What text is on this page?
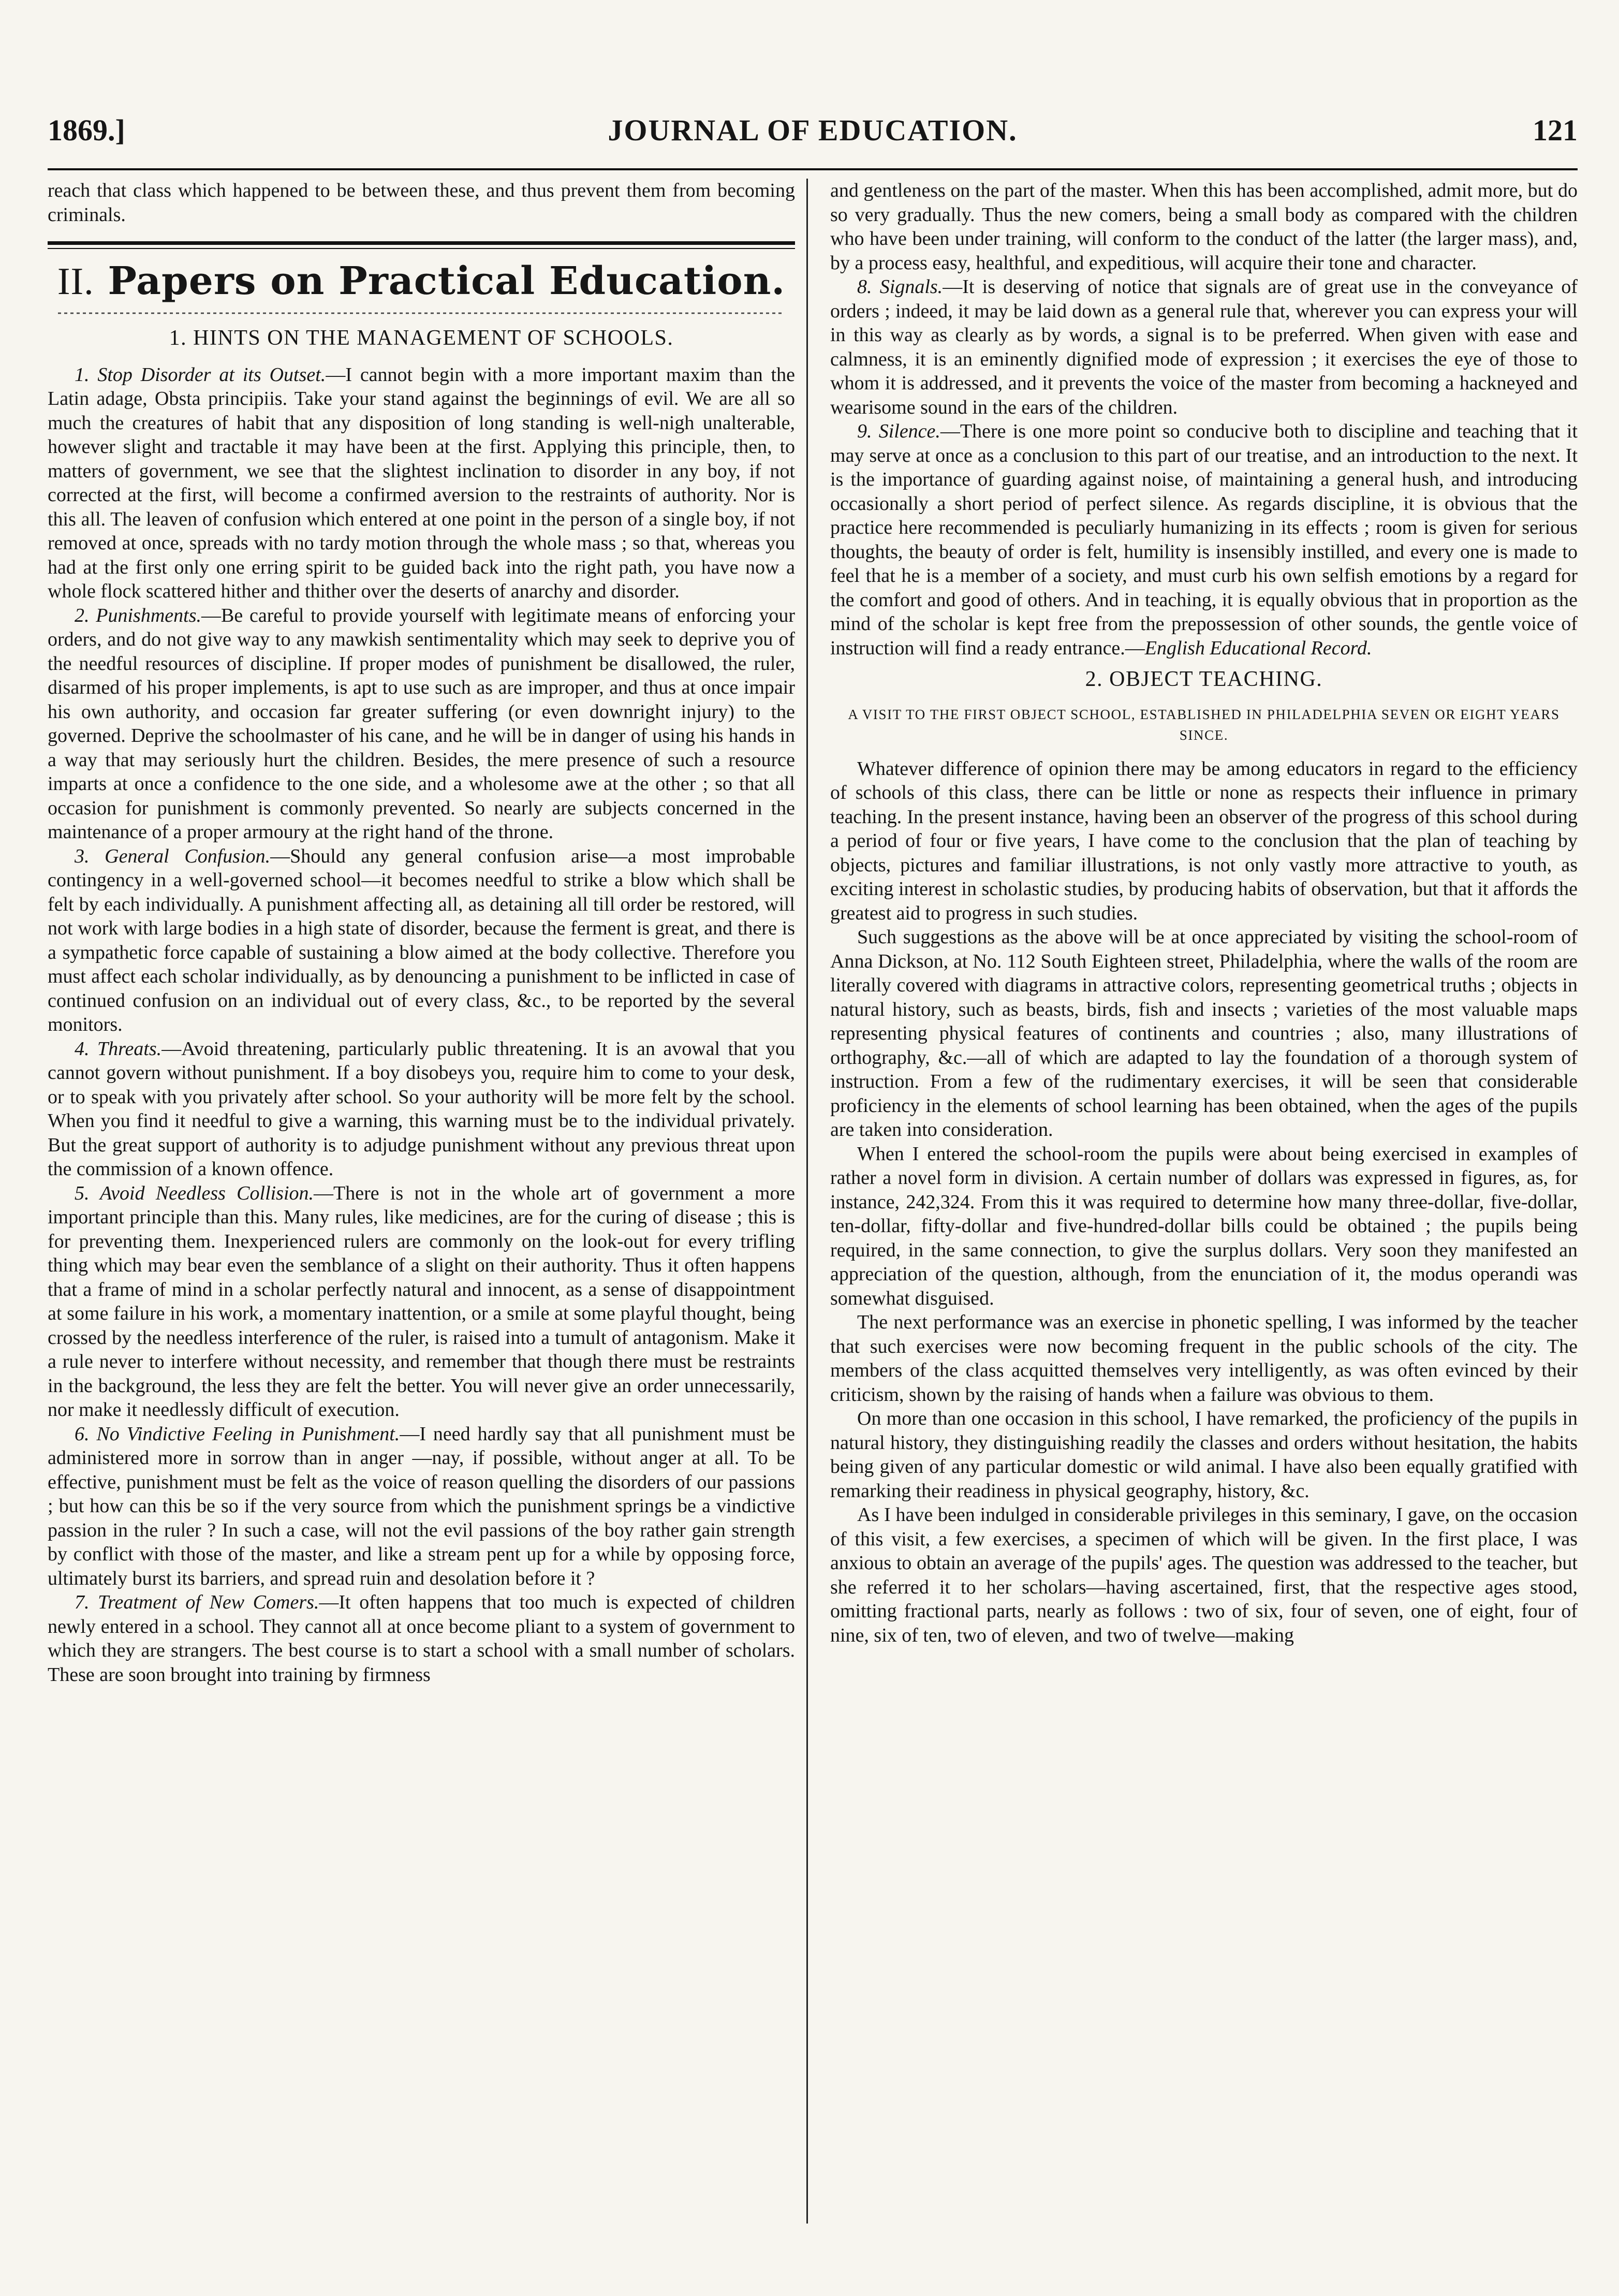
1869.]	JOURNAL OF EDUCATION.	121

reach that class which happened to be between these, and thus prevent them from becoming criminals.

II. Papers on Practical Education.

1. HINTS ON THE MANAGEMENT OF SCHOOLS.

1. Stop Disorder at its Outset.—I cannot begin with a more important maxim than the Latin adage, Obsta principiis. Take your stand against the beginnings of evil. We are all so much the creatures of habit that any disposition of long standing is well-nigh unalterable, however slight and tractable it may have been at the first. Applying this principle, then, to matters of government, we see that the slightest inclination to disorder in any boy, if not corrected at the first, will become a confirmed aversion to the restraints of authority. Nor is this all. The leaven of confusion which entered at one point in the person of a single boy, if not removed at once, spreads with no tardy motion through the whole mass ; so that, whereas you had at the first only one erring spirit to be guided back into the right path, you have now a whole flock scattered hither and thither over the deserts of anarchy and disorder.

2. Punishments.—Be careful to provide yourself with legitimate means of enforcing your orders, and do not give way to any mawkish sentimentality which may seek to deprive you of the needful resources of discipline. If proper modes of punishment be disallowed, the ruler, disarmed of his proper implements, is apt to use such as are improper, and thus at once impair his own authority, and occasion far greater suffering (or even downright injury) to the governed. Deprive the schoolmaster of his cane, and he will be in danger of using his hands in a way that may seriously hurt the children. Besides, the mere presence of such a resource imparts at once a confidence to the one side, and a wholesome awe at the other ; so that all occasion for punishment is commonly prevented. So nearly are subjects concerned in the maintenance of a proper armoury at the right hand of the throne.

3. General Confusion.—Should any general confusion arise—a most improbable contingency in a well-governed school—it becomes needful to strike a blow which shall be felt by each individually. A punishment affecting all, as detaining all till order be restored, will not work with large bodies in a high state of disorder, because the ferment is great, and there is a sympathetic force capable of sustaining a blow aimed at the body collective. Therefore you must affect each scholar individually, as by denouncing a punishment to be inflicted in case of continued confusion on an individual out of every class, &c., to be reported by the several monitors.

4. Threats.—Avoid threatening, particularly public threatening. It is an avowal that you cannot govern without punishment. If a boy disobeys you, require him to come to your desk, or to speak with you privately after school. So your authority will be more felt by the school. When you find it needful to give a warning, this warning must be to the individual privately. But the great support of authority is to adjudge punishment without any previous threat upon the commission of a known offence.

5. Avoid Needless Collision.—There is not in the whole art of government a more important principle than this. Many rules, like medicines, are for the curing of disease ; this is for preventing them. Inexperienced rulers are commonly on the look-out for every trifling thing which may bear even the semblance of a slight on their authority. Thus it often happens that a frame of mind in a scholar perfectly natural and innocent, as a sense of disappointment at some failure in his work, a momentary inattention, or a smile at some playful thought, being crossed by the needless interference of the ruler, is raised into a tumult of antagonism. Make it a rule never to interfere without necessity, and remember that though there must be restraints in the background, the less they are felt the better. You will never give an order unnecessarily, nor make it needlessly difficult of execution.

6. No Vindictive Feeling in Punishment.—I need hardly say that all punishment must be administered more in sorrow than in anger —nay, if possible, without anger at all. To be effective, punishment must be felt as the voice of reason quelling the disorders of our passions ; but how can this be so if the very source from which the punishment springs be a vindictive passion in the ruler ? In such a case, will not the evil passions of the boy rather gain strength by conflict with those of the master, and like a stream pent up for a while by opposing force, ultimately burst its barriers, and spread ruin and desolation before it ?

7. Treatment of New Comers.—It often happens that too much is expected of children newly entered in a school. They cannot all at once become pliant to a system of government to which they are strangers. The best course is to start a school with a small number of scholars. These are soon brought into training by firmness

and gentleness on the part of the master. When this has been accomplished, admit more, but do so very gradually. Thus the new comers, being a small body as compared with the children who have been under training, will conform to the conduct of the latter (the larger mass), and, by a process easy, healthful, and expeditious, will acquire their tone and character.

8. Signals.—It is deserving of notice that signals are of great use in the conveyance of orders ; indeed, it may be laid down as a general rule that, wherever you can express your will in this way as clearly as by words, a signal is to be preferred. When given with ease and calmness, it is an eminently dignified mode of expression ; it exercises the eye of those to whom it is addressed, and it prevents the voice of the master from becoming a hackneyed and wearisome sound in the ears of the children.

9. Silence.—There is one more point so conducive both to discipline and teaching that it may serve at once as a conclusion to this part of our treatise, and an introduction to the next. It is the importance of guarding against noise, of maintaining a general hush, and introducing occasionally a short period of perfect silence. As regards discipline, it is obvious that the practice here recommended is peculiarly humanizing in its effects ; room is given for serious thoughts, the beauty of order is felt, humility is insensibly instilled, and every one is made to feel that he is a member of a society, and must curb his own selfish emotions by a regard for the comfort and good of others. And in teaching, it is equally obvious that in proportion as the mind of the scholar is kept free from the prepossession of other sounds, the gentle voice of instruction will find a ready entrance.—English Educational Record.

2. OBJECT TEACHING.

A VISIT TO THE FIRST OBJECT SCHOOL, ESTABLISHED IN PHILADELPHIA SEVEN OR EIGHT YEARS SINCE.

Whatever difference of opinion there may be among educators in regard to the efficiency of schools of this class, there can be little or none as respects their influence in primary teaching. In the present instance, having been an observer of the progress of this school during a period of four or five years, I have come to the conclusion that the plan of teaching by objects, pictures and familiar illustrations, is not only vastly more attractive to youth, as exciting interest in scholastic studies, by producing habits of observation, but that it affords the greatest aid to progress in such studies.

Such suggestions as the above will be at once appreciated by visiting the school-room of Anna Dickson, at No. 112 South Eighteen street, Philadelphia, where the walls of the room are literally covered with diagrams in attractive colors, representing geometrical truths ; objects in natural history, such as beasts, birds, fish and insects ; varieties of the most valuable maps representing physical features of continents and countries ; also, many illustrations of orthography, &c.—all of which are adapted to lay the foundation of a thorough system of instruction. From a few of the rudimentary exercises, it will be seen that considerable proficiency in the elements of school learning has been obtained, when the ages of the pupils are taken into consideration.

When I entered the school-room the pupils were about being exercised in examples of rather a novel form in division. A certain number of dollars was expressed in figures, as, for instance, 242,324. From this it was required to determine how many three-dollar, five-dollar, ten-dollar, fifty-dollar and five-hundred-dollar bills could be obtained ; the pupils being required, in the same connection, to give the surplus dollars. Very soon they manifested an appreciation of the question, although, from the enunciation of it, the modus operandi was somewhat disguised.

The next performance was an exercise in phonetic spelling, I was informed by the teacher that such exercises were now becoming frequent in the public schools of the city. The members of the class acquitted themselves very intelligently, as was often evinced by their criticism, shown by the raising of hands when a failure was obvious to them.

On more than one occasion in this school, I have remarked, the proficiency of the pupils in natural history, they distinguishing readily the classes and orders without hesitation, the habits being given of any particular domestic or wild animal. I have also been equally gratified with remarking their readiness in physical geography, history, &c.

As I have been indulged in considerable privileges in this seminary, I gave, on the occasion of this visit, a few exercises, a specimen of which will be given. In the first place, I was anxious to obtain an average of the pupils' ages. The question was addressed to the teacher, but she referred it to her scholars—having ascertained, first, that the respective ages stood, omitting fractional parts, nearly as follows : two of six, four of seven, one of eight, four of nine, six of ten, two of eleven, and two of twelve—making
